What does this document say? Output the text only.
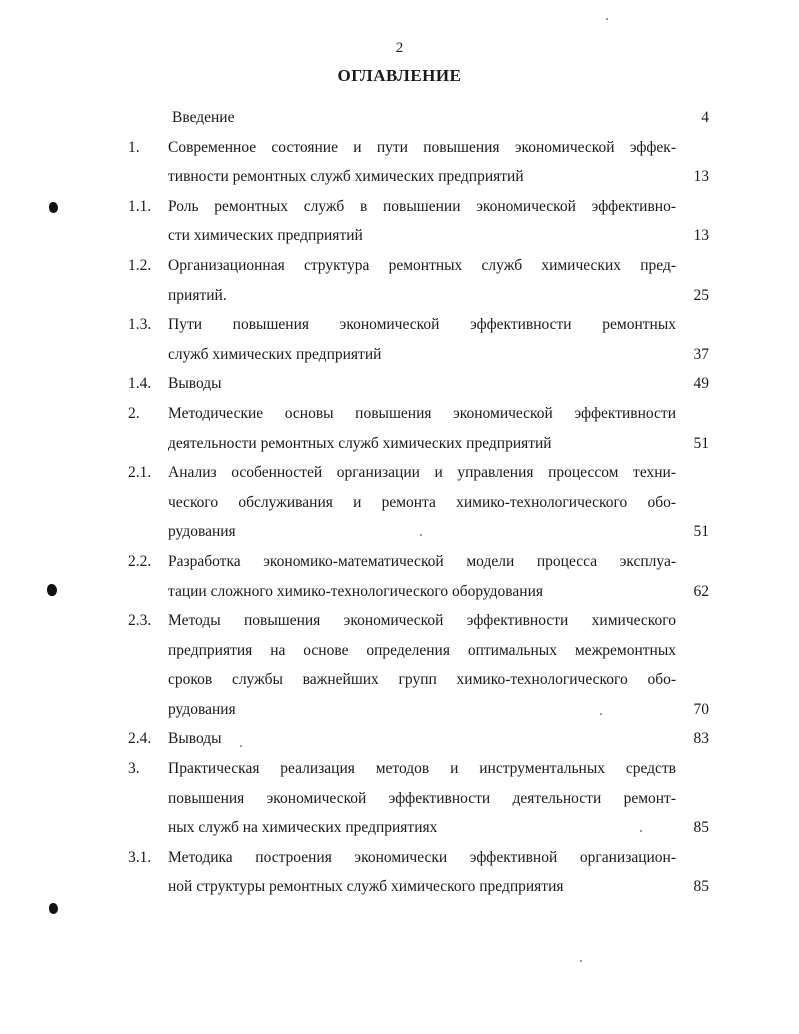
2
ОГЛАВЛЕНИЕ
Введение	4
1. Современное состояние и пути повышения экономической эффек-
тивности ремонтных служб химических предприятий	13
1.1. Роль ремонтных служб в повышении экономической эффективно-
сти химических предприятий	13
1.2. Организационная структура ремонтных служб химических пред-
приятий.	25
1.3. Пути повышения экономической эффективности ремонтных
служб химических предприятий	37
1.4. Выводы	49
2. Методические основы повышения экономической эффективности
деятельности ремонтных служб химических предприятий	51
2.1. Анализ особенностей организации и управления процессом техни-
ческого обслуживания и ремонта химико-технологического обо-
рудования	51
2.2. Разработка экономико-математической модели процесса эксплуа-
тации сложного химико-технологического оборудования	62
2.3. Методы повышения экономической эффективности химического
предприятия на основе определения оптимальных межремонтных
сроков службы важнейших групп химико-технологического обо-
рудования	70
2.4. Выводы	83
3. Практическая реализация методов и инструментальных средств
повышения экономической эффективности деятельности ремонт-
ных служб на химических предприятиях	85
3.1. Методика построения экономически эффективной организацион-
ной структуры ремонтных служб химического предприятия	85
